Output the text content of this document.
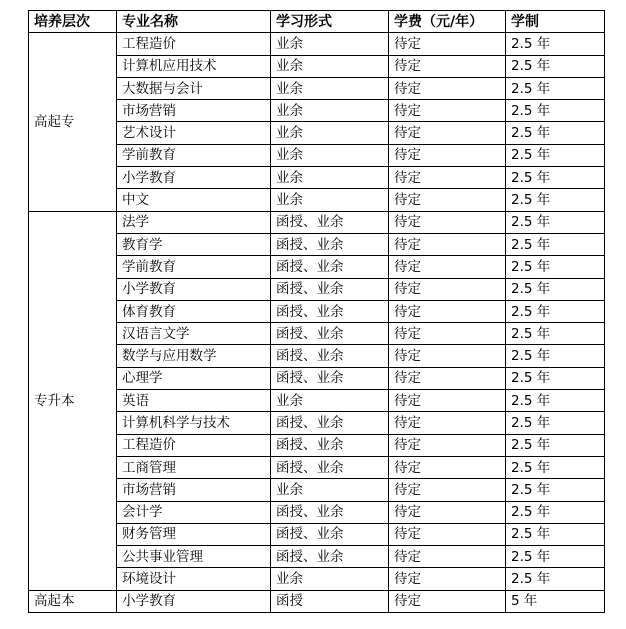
培养层次	专业名称	学习形式	学费（元/年）	学制
高起专	工程造价	业余	待定	2.5 年
	计算机应用技术	业余	待定	2.5 年
	大数据与会计	业余	待定	2.5 年
	市场营销	业余	待定	2.5 年
	艺术设计	业余	待定	2.5 年
	学前教育	业余	待定	2.5 年
	小学教育	业余	待定	2.5 年
	中文	业余	待定	2.5 年
专升本	法学	函授、业余	待定	2.5 年
	教育学	函授、业余	待定	2.5 年
	学前教育	函授、业余	待定	2.5 年
	小学教育	函授、业余	待定	2.5 年
	体育教育	函授、业余	待定	2.5 年
	汉语言文学	函授、业余	待定	2.5 年
	数学与应用数学	函授、业余	待定	2.5 年
	心理学	函授、业余	待定	2.5 年
	英语	业余	待定	2.5 年
	计算机科学与技术	函授、业余	待定	2.5 年
	工程造价	函授、业余	待定	2.5 年
	工商管理	函授、业余	待定	2.5 年
	市场营销	业余	待定	2.5 年
	会计学	函授、业余	待定	2.5 年
	财务管理	函授、业余	待定	2.5 年
	公共事业管理	函授、业余	待定	2.5 年
	环境设计	业余	待定	2.5 年
高起本	小学教育	函授	待定	5 年
